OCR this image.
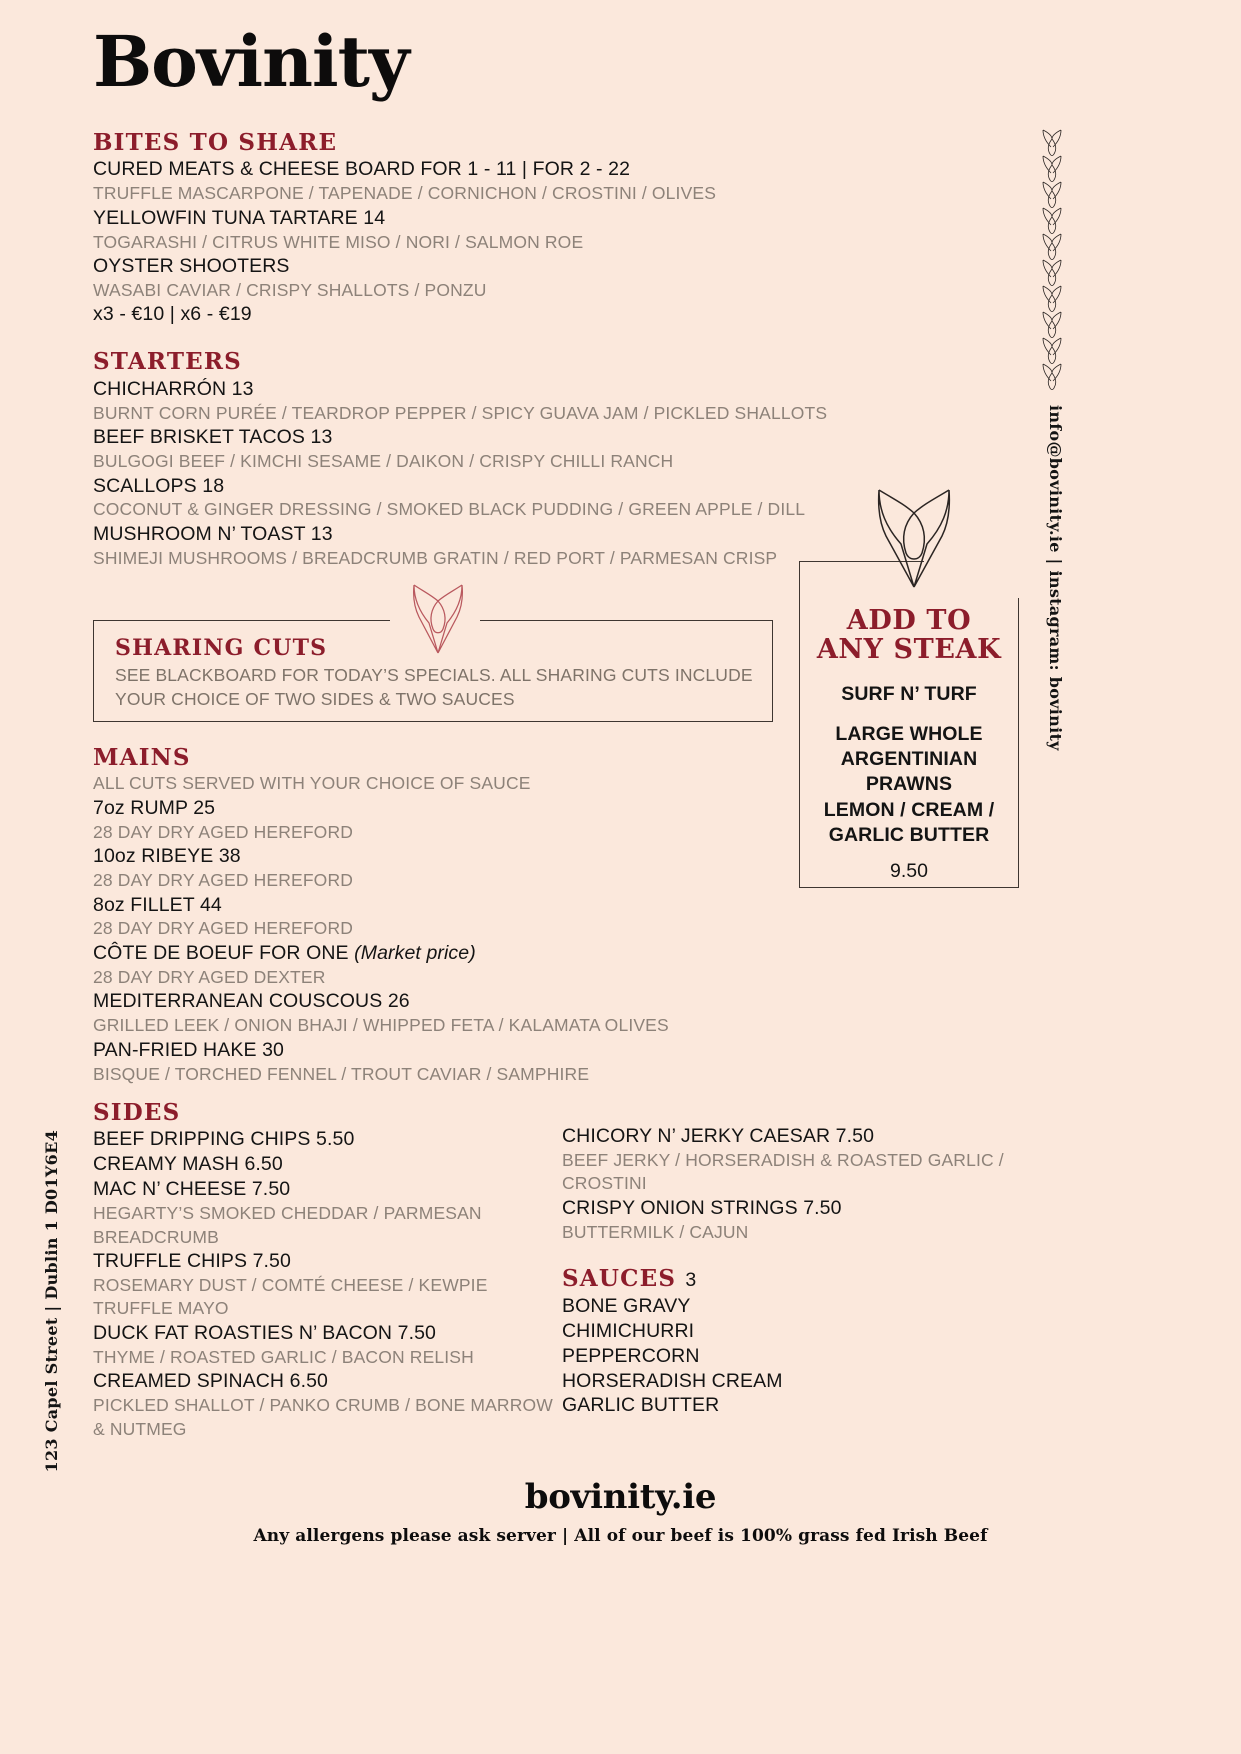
Bovinity
BITES TO SHARE
CURED MEATS & CHEESE BOARD FOR 1 - 11 | FOR 2 - 22
TRUFFLE MASCARPONE / TAPENADE / CORNICHON / CROSTINI / OLIVES
YELLOWFIN TUNA TARTARE 14
TOGARASHI / CITRUS WHITE MISO / NORI / SALMON ROE
OYSTER SHOOTERS
WASABI CAVIAR / CRISPY SHALLOTS / PONZU
x3 - €10 | x6 - €19
STARTERS
CHICHARRÓN 13
BURNT CORN PURÉE / TEARDROP PEPPER / SPICY GUAVA JAM / PICKLED SHALLOTS
BEEF BRISKET TACOS 13
BULGOGI BEEF / KIMCHI SESAME / DAIKON / CRISPY CHILLI RANCH
SCALLOPS 18
COCONUT & GINGER DRESSING / SMOKED BLACK PUDDING / GREEN APPLE / DILL
MUSHROOM N’ TOAST 13
SHIMEJI MUSHROOMS / BREADCRUMB GRATIN / RED PORT / PARMESAN CRISP
SHARING CUTS
SEE BLACKBOARD FOR TODAY’S SPECIALS. ALL SHARING CUTS INCLUDE
YOUR CHOICE OF TWO SIDES & TWO SAUCES
MAINS
ALL CUTS SERVED WITH YOUR CHOICE OF SAUCE
7oz RUMP 25
28 DAY DRY AGED HEREFORD
10oz RIBEYE 38
28 DAY DRY AGED HEREFORD
8oz FILLET 44
28 DAY DRY AGED HEREFORD
CÔTE DE BOEUF FOR ONE (Market price)
28 DAY DRY AGED DEXTER
MEDITERRANEAN COUSCOUS 26
GRILLED LEEK / ONION BHAJI / WHIPPED FETA / KALAMATA OLIVES
PAN-FRIED HAKE 30
BISQUE / TORCHED FENNEL / TROUT CAVIAR / SAMPHIRE
ADD TO
ANY STEAK
SURF N’ TURF
LARGE WHOLE
ARGENTINIAN
PRAWNS
LEMON / CREAM /
GARLIC BUTTER
9.50
SIDES
BEEF DRIPPING CHIPS 5.50
CREAMY MASH 6.50
MAC N’ CHEESE 7.50
HEGARTY’S SMOKED CHEDDAR / PARMESAN BREADCRUMB
TRUFFLE CHIPS 7.50
ROSEMARY DUST / COMTÉ CHEESE / KEWPIE TRUFFLE MAYO
DUCK FAT ROASTIES N’ BACON 7.50
THYME / ROASTED GARLIC / BACON RELISH
CREAMED SPINACH 6.50
PICKLED SHALLOT / PANKO CRUMB / BONE MARROW & NUTMEG
CHICORY N’ JERKY CAESAR 7.50
BEEF JERKY / HORSERADISH & ROASTED GARLIC / CROSTINI
CRISPY ONION STRINGS 7.50
BUTTERMILK / CAJUN
SAUCES 3
BONE GRAVY
CHIMICHURRI
PEPPERCORN
HORSERADISH CREAM
GARLIC BUTTER
123 Capel Street | Dublin 1 D01Y6E4
info@bovinity.ie | instagram: bovinity
bovinity.ie
Any allergens please ask server | All of our beef is 100% grass fed Irish Beef
